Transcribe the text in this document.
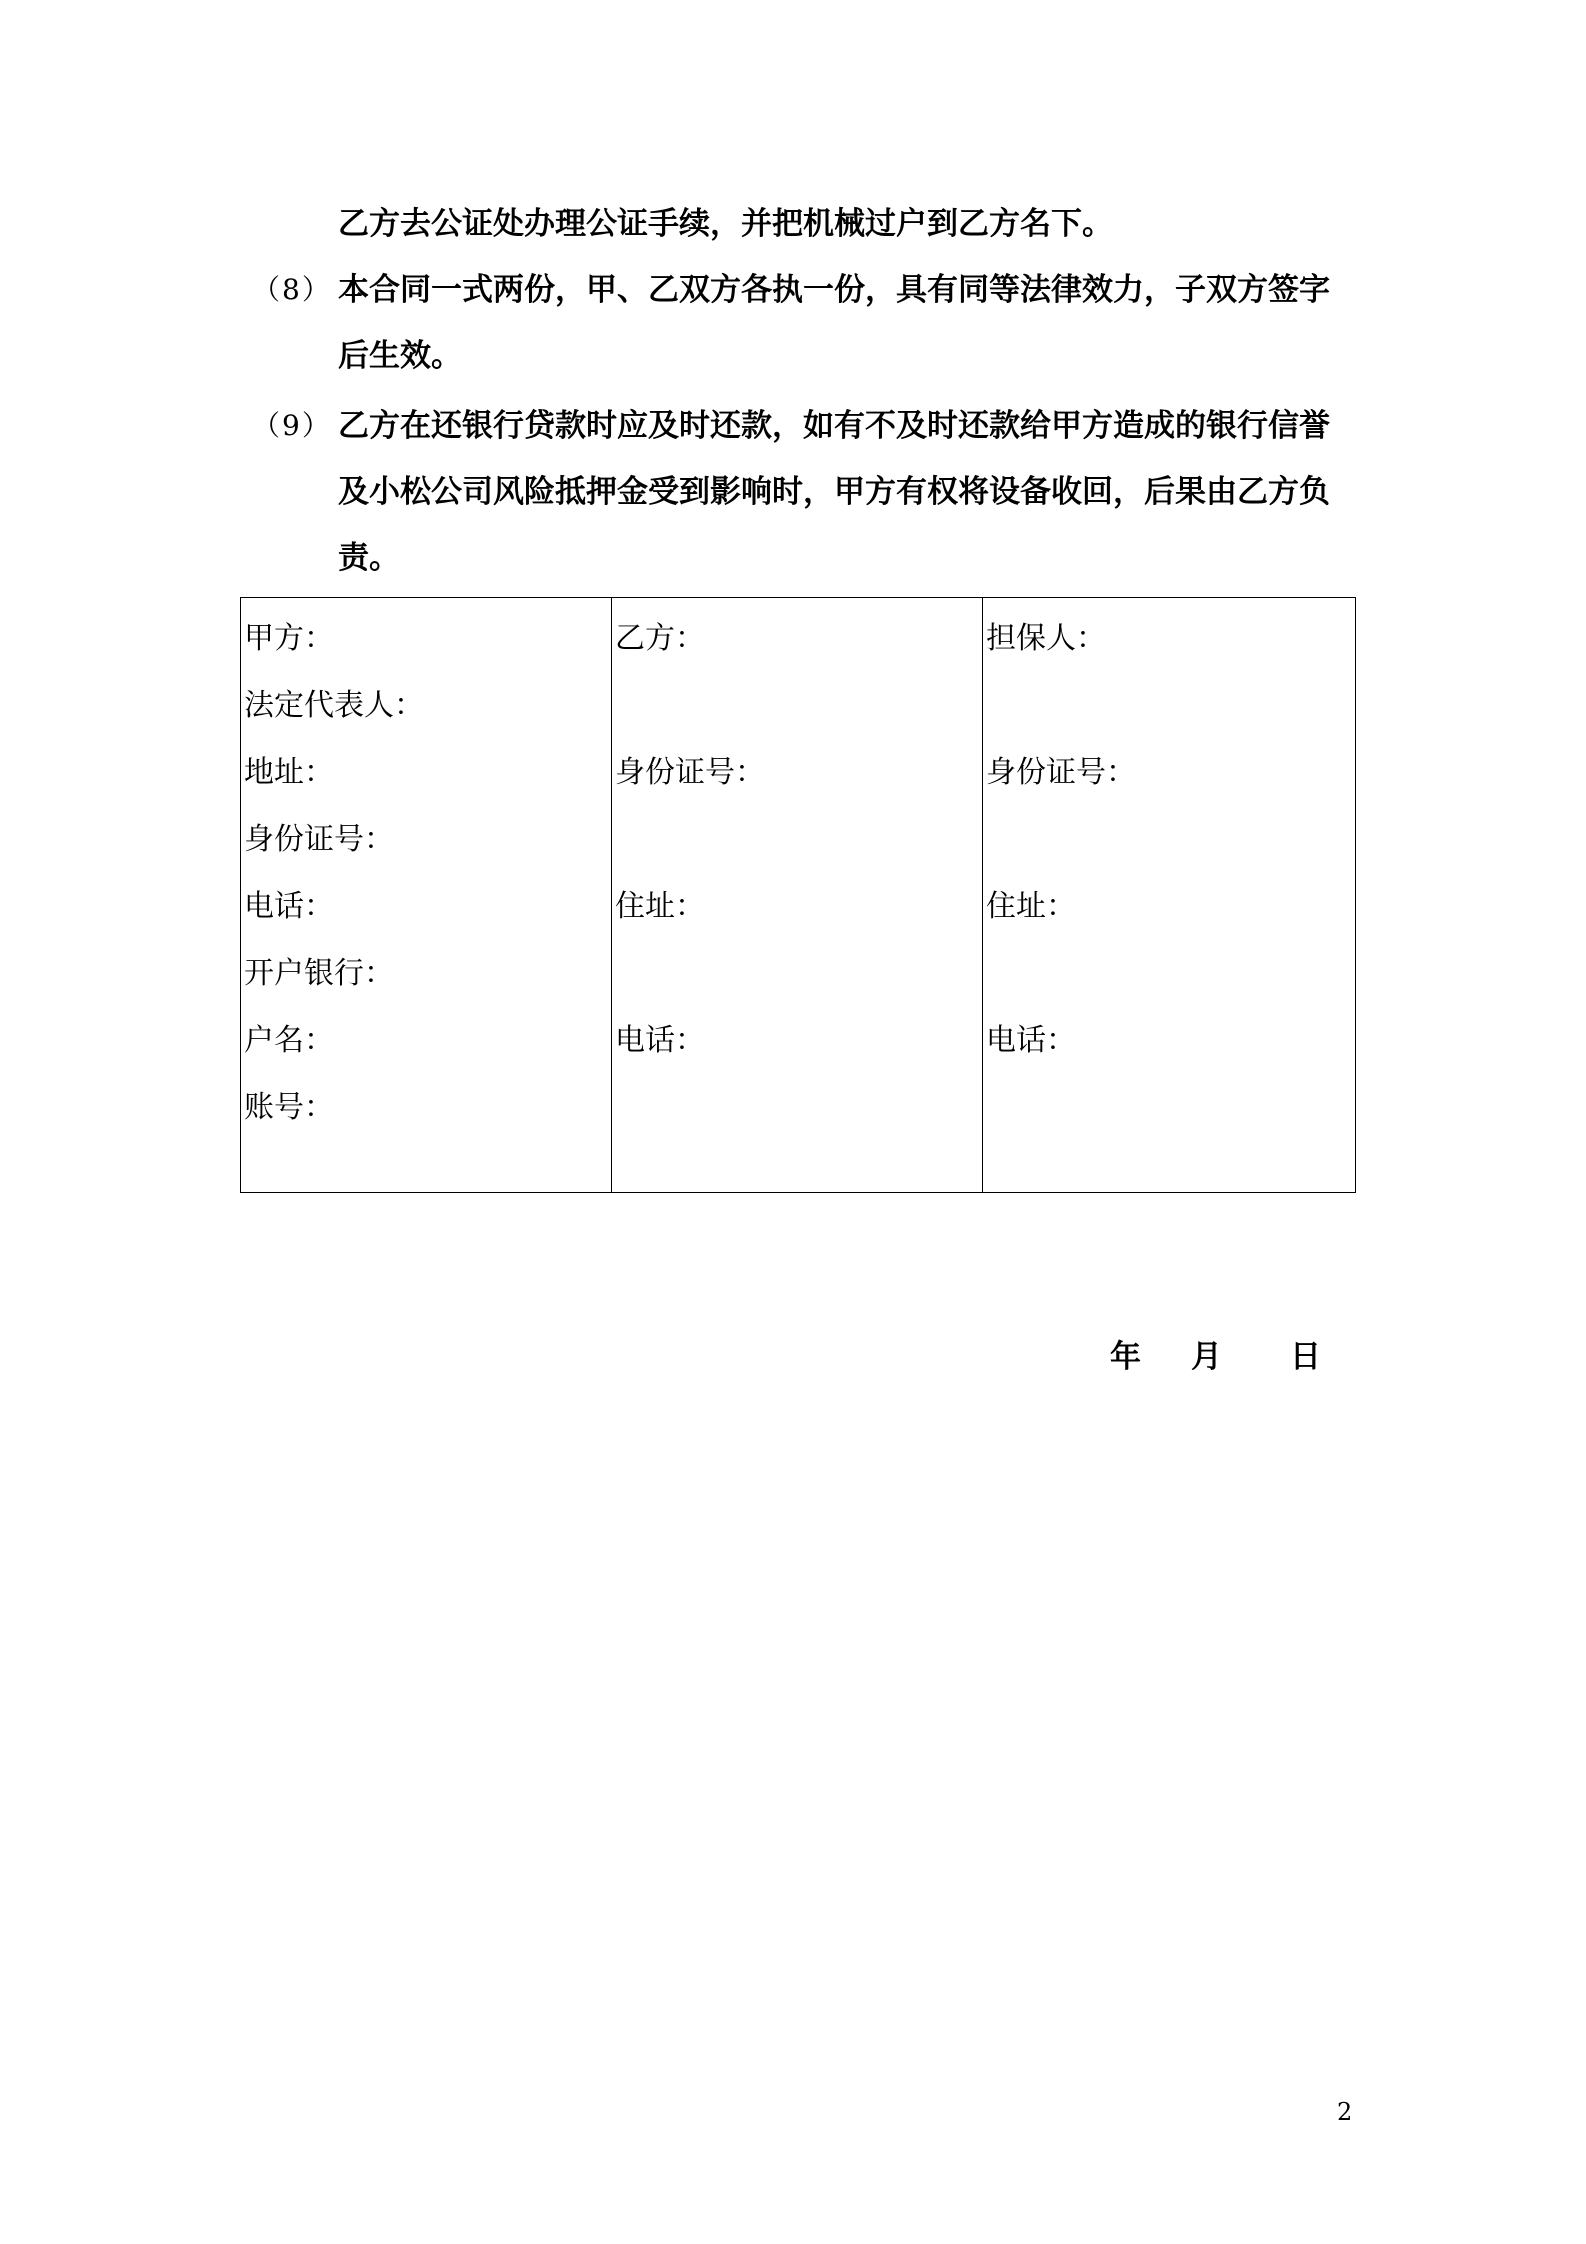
乙方去公证处办理公证手续，并把机械过户到乙方名下。
（8） 本合同一式两份，甲、乙双方各执一份，具有同等法律效力，子双方签字
后生效。
（9） 乙方在还银行贷款时应及时还款，如有不及时还款给甲方造成的银行信誉
及小松公司风险抵押金受到影响时，甲方有权将设备收回，后果由乙方负
责。
甲方：
法定代表人：
地址：
身份证号：
电话：
开户银行：
户名：
账号：
乙方：
身份证号：
住址：
电话：
担保人：
身份证号：
住址：
电话：
年 月 日
2
